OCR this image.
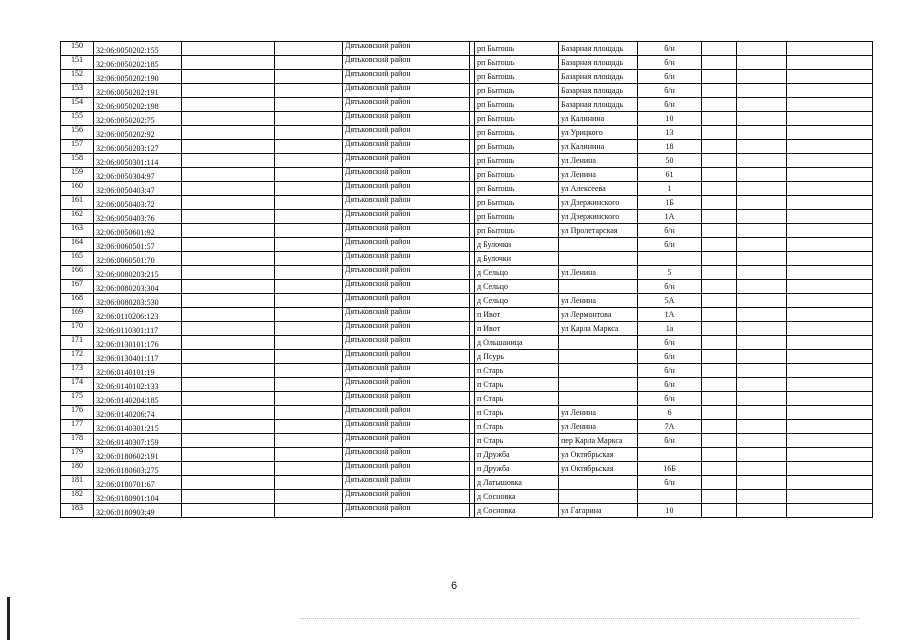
150	32:06:0050202:155			Дятьковский район		рп Бытошь	Базарная площадь	б/н			
151	32:06:0050202:185			Дятьковский район		рп Бытошь	Базарная площадь	б/н			
152	32:06:0050202:190			Дятьковский район		рп Бытошь	Базарная площадь	б/н			
153	32:06:0050202:191			Дятьковский район		рп Бытошь	Базарная площадь	б/н			
154	32:06:0050202:198			Дятьковский район		рп Бытошь	Базарная площадь	б/н			
155	32:06:0050202:75			Дятьковский район		рп Бытошь	ул Калинина	10			
156	32:06:0050202:92			Дятьковский район		рп Бытошь	ул Урицкого	13			
157	32:06:0050203:127			Дятьковский район		рп Бытошь	ул Калинина	18			
158	32:06:0050301:114			Дятьковский район		рп Бытошь	ул Ленина	50			
159	32:06:0050304:97			Дятьковский район		рп Бытошь	ул Ленина	61			
160	32:06:0050403:47			Дятьковский район		рп Бытошь	ул Алексеева	1			
161	32:06:0050403:72			Дятьковский район		рп Бытошь	ул Дзержинского	1Б			
162	32:06:0050403:76			Дятьковский район		рп Бытошь	ул Дзержинского	1А			
163	32:06:0050601:92			Дятьковский район		рп Бытошь	ул Пролетарская	б/н			
164	32:06:0060501:57			Дятьковский район		д Булочки		б/н			
165	32:06:0060501:70			Дятьковский район		д Булочки					
166	32:06:0080203:215			Дятьковский район		д Сельцо	ул Ленина	5			
167	32:06:0080203:304			Дятьковский район		д Сельцо		б/н			
168	32:06:0080203:530			Дятьковский район		д Сельцо	ул Ленина	5А			
169	32:06:0110206:123			Дятьковский район		п Ивот	ул Лермонтова	1А			
170	32:06:0110301:117			Дятьковский район		п Ивот	ул Карла Маркса	1а			
171	32:06:0130101:176			Дятьковский район		д Ольшаница		б/н			
172	32:06:0130401:117			Дятьковский район		д Псурь		б/н			
173	32:06:0140101:19			Дятьковский район		п Старь		б/н			
174	32:06:0140102:133			Дятьковский район		п Старь		б/н			
175	32:06:0140204:185			Дятьковский район		п Старь		б/н			
176	32:06:0140206:74			Дятьковский район		п Старь	ул Ленина	6			
177	32:06:0140301:215			Дятьковский район		п Старь	ул Ленина	7А			
178	32:06:0140307:159			Дятьковский район		п Старь	пер Карла Маркса	б/н			
179	32:06:0180602:191			Дятьковский район		п Дружба	ул Октябрьская				
180	32:06:0180603:275			Дятьковский район		п Дружба	ул Октябрьская	16Б			
181	32:06:0180701:67			Дятьковский район		д Латышовка		б/н			
182	32:06:0180901:104			Дятьковский район		д Сосновка					
183	32:06:0180903:49			Дятьковский район		д Сосновка	ул Гагарина	10			
6
